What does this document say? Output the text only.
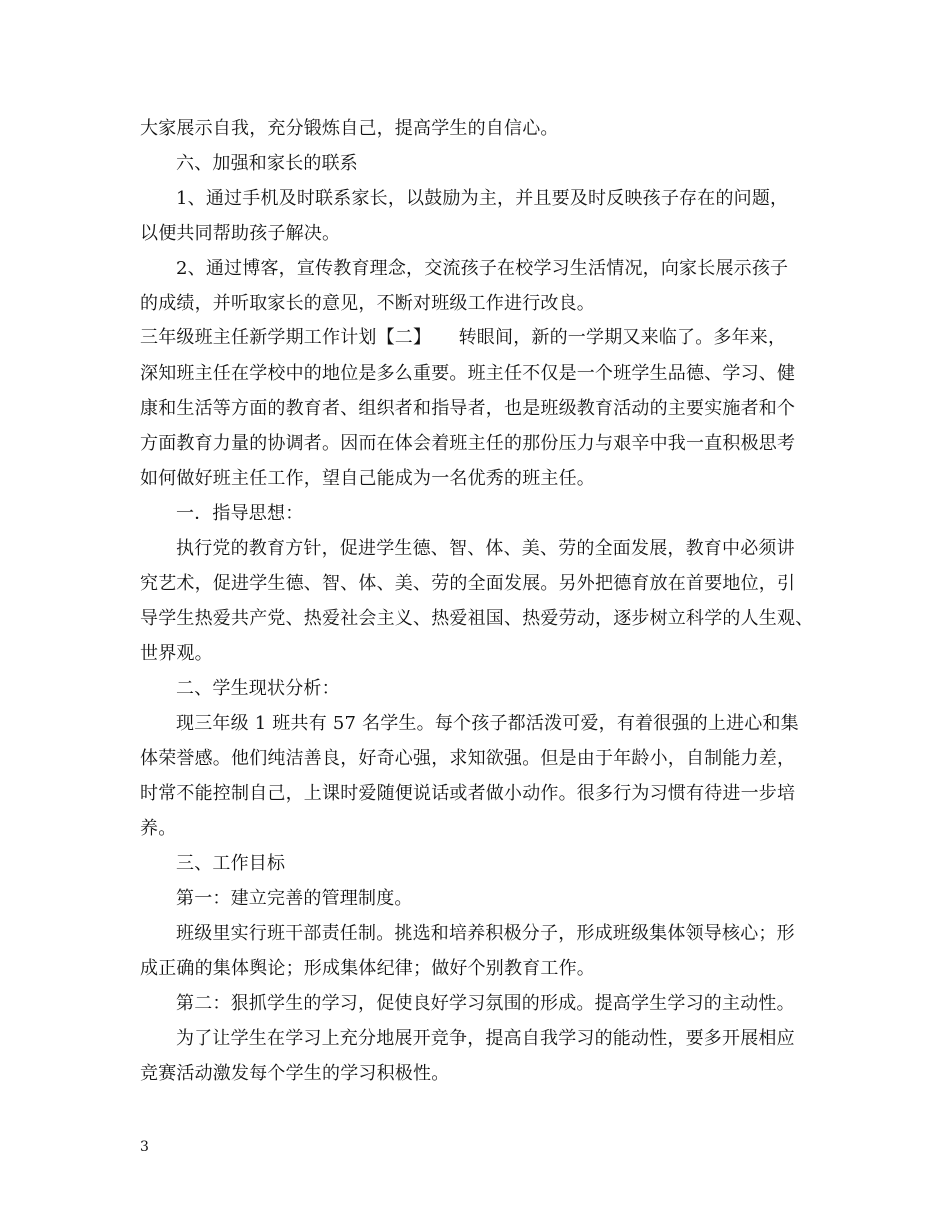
大家展示自我，充分锻炼自己，提高学生的自信心。
六、加强和家长的联系
1、通过手机及时联系家长，以鼓励为主，并且要及时反映孩子存在的问题，
以便共同帮助孩子解决。
2、通过博客，宣传教育理念，交流孩子在校学习生活情况，向家长展示孩子
的成绩，并听取家长的意见，不断对班级工作进行改良。
三年级班主任新学期工作计划【二】　　转眼间，新的一学期又来临了。多年来，
深知班主任在学校中的地位是多么重要。班主任不仅是一个班学生品德、学习、健
康和生活等方面的教育者、组织者和指导者，也是班级教育活动的主要实施者和个
方面教育力量的协调者。因而在体会着班主任的那份压力与艰辛中我一直积极思考
如何做好班主任工作，望自己能成为一名优秀的班主任。
一．指导思想：
执行党的教育方针，促进学生德、智、体、美、劳的全面发展，教育中必须讲
究艺术，促进学生德、智、体、美、劳的全面发展。另外把德育放在首要地位，引
导学生热爱共产党、热爱社会主义、热爱祖国、热爱劳动，逐步树立科学的人生观、
世界观。
二、学生现状分析：
现三年级 1 班共有 57 名学生。每个孩子都活泼可爱，有着很强的上进心和集
体荣誉感。他们纯洁善良，好奇心强，求知欲强。但是由于年龄小，自制能力差，
时常不能控制自己，上课时爱随便说话或者做小动作。很多行为习惯有待进一步培
养。
三、工作目标
第一：建立完善的管理制度。
班级里实行班干部责任制。挑选和培养积极分子，形成班级集体领导核心；形
成正确的集体舆论；形成集体纪律；做好个别教育工作。
第二：狠抓学生的学习，促使良好学习氛围的形成。提高学生学习的主动性。
为了让学生在学习上充分地展开竞争，提高自我学习的能动性，要多开展相应
竞赛活动激发每个学生的学习积极性。
3
